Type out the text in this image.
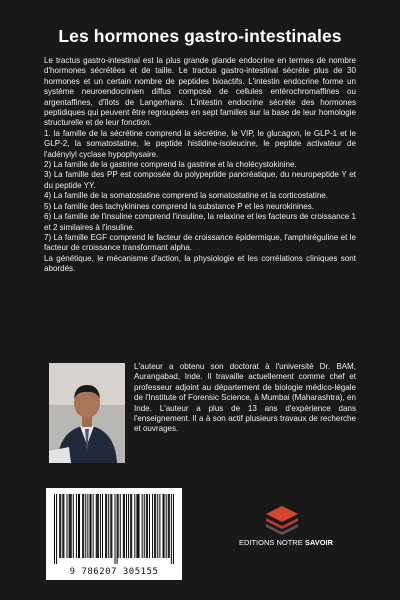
Les hormones gastro-intestinales

Le tractus gastro-intestinal est la plus grande glande endocrine en termes de nombre d'hormones sécrétées et de taille. Le tractus gastro-intestinal sécrète plus de 30 hormones et un certain nombre de peptides bioactifs. L'intestin endocrine forme un système neuroendocrinien diffus composé de cellules entérochromaffines ou argentaffines, d'îlots de Langerhans. L'intestin endocrine sécrète des hormones peptidiques qui peuvent être regroupées en sept familles sur la base de leur homologie structurelle et de leur fonction.

1. la famille de la sécrétine comprend la sécrétine, le VIP, le glucagon, le GLP-1 et le GLP-2, la somatostatine, le peptide histidine-isoleucine, le peptide activateur de l'adénylyl cyclase hypophysaire.

2) La famille de la gastrine comprend la gastrine et la cholécystokinine.

3) La famille des PP est composée du polypeptide pancréatique, du neuropeptide Y et du peptide YY.

4) La famille de la somatostatine comprend la somatostatine et la corticostatine.

5) La famille des tachykinines comprend la substance P et les neurokinines.

6) La famille de l'insuline comprend l'insuline, la relaxine et les facteurs de croissance 1 et 2 similaires à l'insuline.

7) La famille EGF comprend le facteur de croissance épidermique, l'amphiréguline et le facteur de croissance transformant alpha.

La génétique, le mécanisme d'action, la physiologie et les corrélations cliniques sont abordés.

L'auteur a obtenu son doctorat à l'université Dr. BAM, Aurangabad, Inde. Il travaille actuellement comme chef et professeur adjoint au département de biologie médico-légale de l'Institute of Forensic Science, à Mumbai (Maharashtra), en Inde. L'auteur a plus de 13 ans d'expérience dans l'enseignement. Il a à son actif plusieurs travaux de recherche et ouvrages.
9 786207 305155
EDITIONS NOTRE SAVOIR
